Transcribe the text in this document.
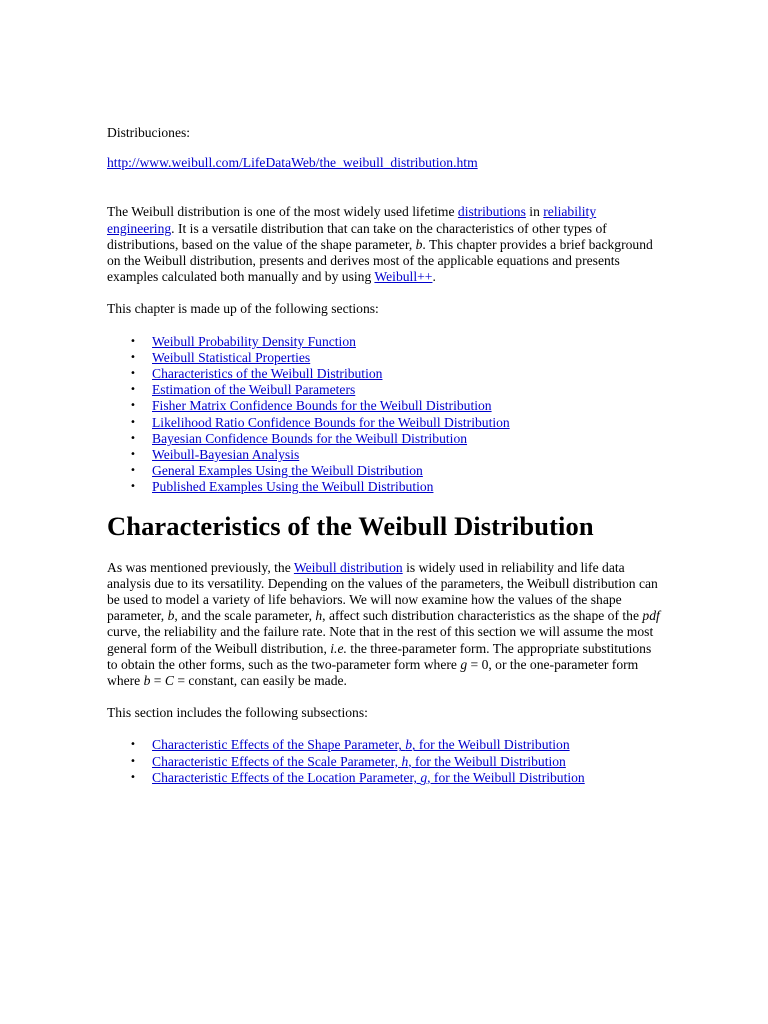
Distribuciones:

http://www.weibull.com/LifeDataWeb/the_weibull_distribution.htm

The Weibull distribution is one of the most widely used lifetime distributions in reliability engineering. It is a versatile distribution that can take on the characteristics of other types of distributions, based on the value of the shape parameter, b. This chapter provides a brief background on the Weibull distribution, presents and derives most of the applicable equations and presents examples calculated both manually and by using Weibull++.

This chapter is made up of the following sections:

• Weibull Probability Density Function
• Weibull Statistical Properties
• Characteristics of the Weibull Distribution
• Estimation of the Weibull Parameters
• Fisher Matrix Confidence Bounds for the Weibull Distribution
• Likelihood Ratio Confidence Bounds for the Weibull Distribution
• Bayesian Confidence Bounds for the Weibull Distribution
• Weibull-Bayesian Analysis
• General Examples Using the Weibull Distribution
• Published Examples Using the Weibull Distribution
Characteristics of the Weibull Distribution

As was mentioned previously, the Weibull distribution is widely used in reliability and life data analysis due to its versatility. Depending on the values of the parameters, the Weibull distribution can be used to model a variety of life behaviors. We will now examine how the values of the shape parameter, b, and the scale parameter, h, affect such distribution characteristics as the shape of the pdf curve, the reliability and the failure rate. Note that in the rest of this section we will assume the most general form of the Weibull distribution, i.e. the three-parameter form. The appropriate substitutions to obtain the other forms, such as the two-parameter form where g = 0, or the one-parameter form where b = C = constant, can easily be made.

This section includes the following subsections:

• Characteristic Effects of the Shape Parameter, b, for the Weibull Distribution
• Characteristic Effects of the Scale Parameter, h, for the Weibull Distribution
• Characteristic Effects of the Location Parameter, g, for the Weibull Distribution
